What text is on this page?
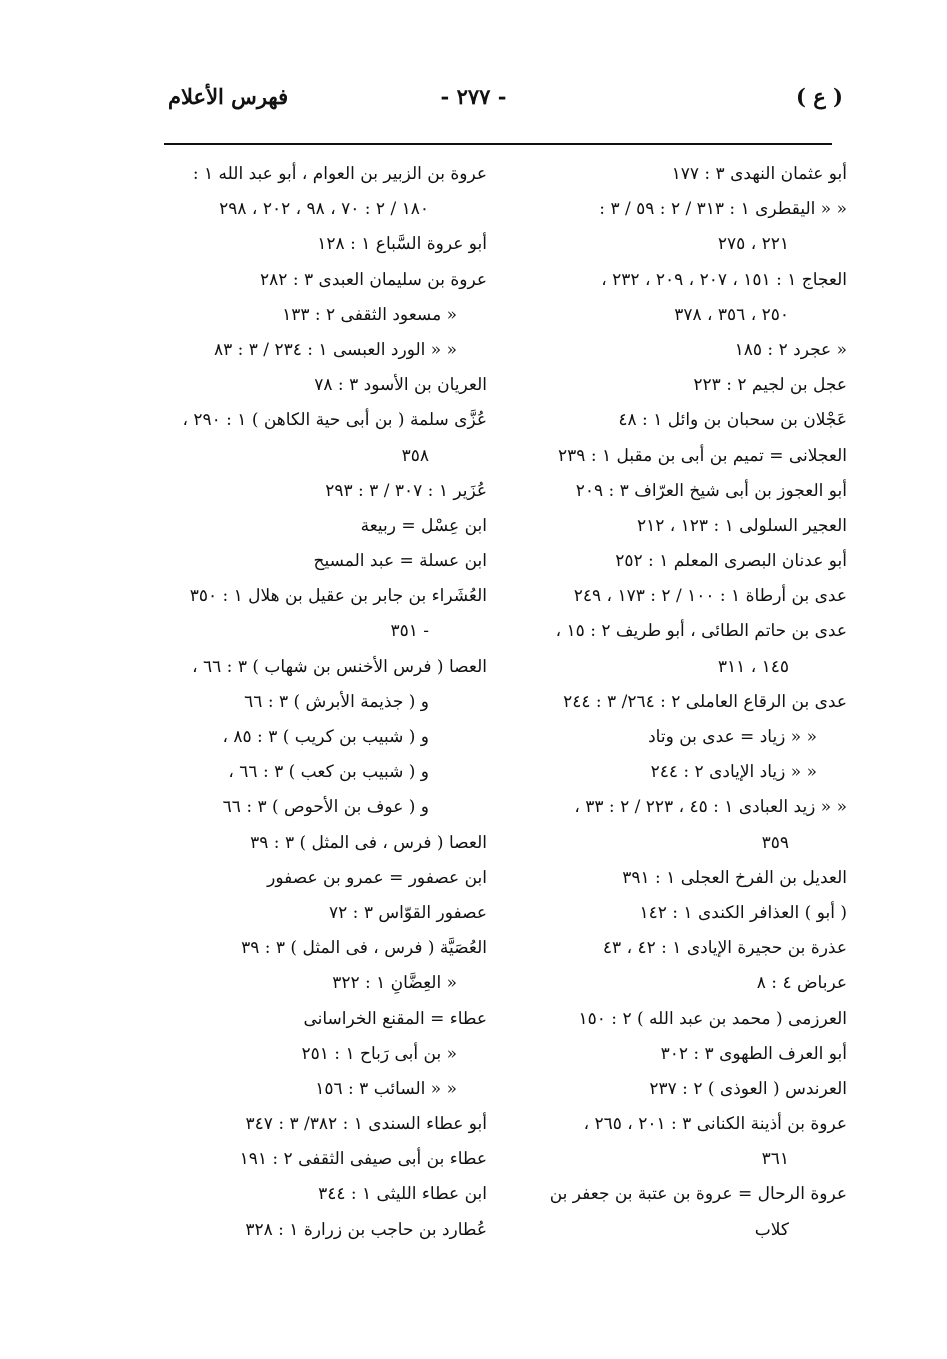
( ع )
- ٢٧٧ -
فهرس الأعلام
أبو عثمان النهدى ٣ : ١٧٧
« « اليقطرى ١ : ٣١٣ / ٢ : ٥٩ / ٣ :
٢٢١ ، ٢٧٥
العجاج ١ : ١٥١ ، ٢٠٧ ، ٢٠٩ ، ٢٣٢ ،
٢٥٠ ، ٣٥٦ ، ٣٧٨
« عجرد ٢ : ١٨٥
عجل بن لجيم ٢ : ٢٢٣
عَجْلان بن سحبان بن وائل ١ : ٤٨
العجلانى = تميم بن أبى بن مقبل ١ : ٢٣٩
أبو العجوز بن أبى شيخ العرّاف ٣ : ٢٠٩
العجير السلولى ١ : ١٢٣ ، ٢١٢
أبو عدنان البصرى المعلم ١ : ٢٥٢
عدى بن أرطاة ١ : ١٠٠ / ٢ : ١٧٣ ، ٢٤٩
عدى بن حاتم الطائى ، أبو طريف ٢ : ١٥ ،
١٤٥ ، ٣١١
عدى بن الرقاع العاملى ٢ : ٢٦٤/ ٣ : ٢٤٤
« « زياد = عدى بن وتاد
« « زياد الإيادى ٢ : ٢٤٤
« « زيد العبادى ١ : ٤٥ ، ٢٢٣ / ٢ : ٣٣ ،
٣٥٩
العديل بن الفرخ العجلى ١ : ٣٩١
( أبو ) العذافر الكندى ١ : ١٤٢
عذرة بن حجيرة الإيادى ١ : ٤٢ ، ٤٣
عرباض ٤ : ٨
العرزمى ( محمد بن عبد الله ) ٢ : ١٥٠
أبو العرف الطهوى ٣ : ٣٠٢
العرندس ( العوذى ) ٢ : ٢٣٧
عروة بن أذينة الكنانى ٣ : ٢٠١ ، ٢٦٥ ،
٣٦١
عروة الرحال = عروة بن عتبة بن جعفر بن
كلاب
عروة بن الزبير بن العوام ، أبو عبد الله ١ :
١٨٠ / ٢ : ٧٠ ، ٩٨ ، ٢٠٢ ، ٢٩٨
أبو عروة السَّباع ١ : ١٢٨
عروة بن سليمان العبدى ٣ : ٢٨٢
« مسعود الثقفى ٢ : ١٣٣
« « الورد العبسى ١ : ٢٣٤ / ٣ : ٨٣
العريان بن الأسود ٣ : ٧٨
عُزَّى سلمة ( بن أبى حية الكاهن ) ١ : ٢٩٠ ،
٣٥٨
عُزَير ١ : ٣٠٧ / ٣ : ٢٩٣
ابن عِسْل = ربيعة
ابن عسلة = عبد المسيح
العُشَراء بن جابر بن عقيل بن هلال ١ : ٣٥٠
- ٣٥١
العصا ( فرس الأخنس بن شهاب ) ٣ : ٦٦ ،
و ( جذيمة الأبرش ) ٣ : ٦٦
و ( شبيب بن كريب ) ٣ : ٨٥ ،
و ( شبيب بن كعب ) ٣ : ٦٦ ،
و ( عوف بن الأحوص ) ٣ : ٦٦
العصا ( فرس ، فى المثل ) ٣ : ٣٩
ابن عصفور = عمرو بن عصفور
عصفور القوّاس ٣ : ٧٢
العُصَيَّة ( فرس ، فى المثل ) ٣ : ٣٩
« العِضَّانِ ١ : ٣٢٢
عطاء = المقنع الخراسانى
« بن أبى رَباح ١ : ٢٥١
« « السائب ٣ : ١٥٦
أبو عطاء السندى ١ : ٣٨٢/ ٣ : ٣٤٧
عطاء بن أبى صيفى الثقفى ٢ : ١٩١
ابن عطاء الليثى ١ : ٣٤٤
عُطارد بن حاجب بن زرارة ١ : ٣٢٨
